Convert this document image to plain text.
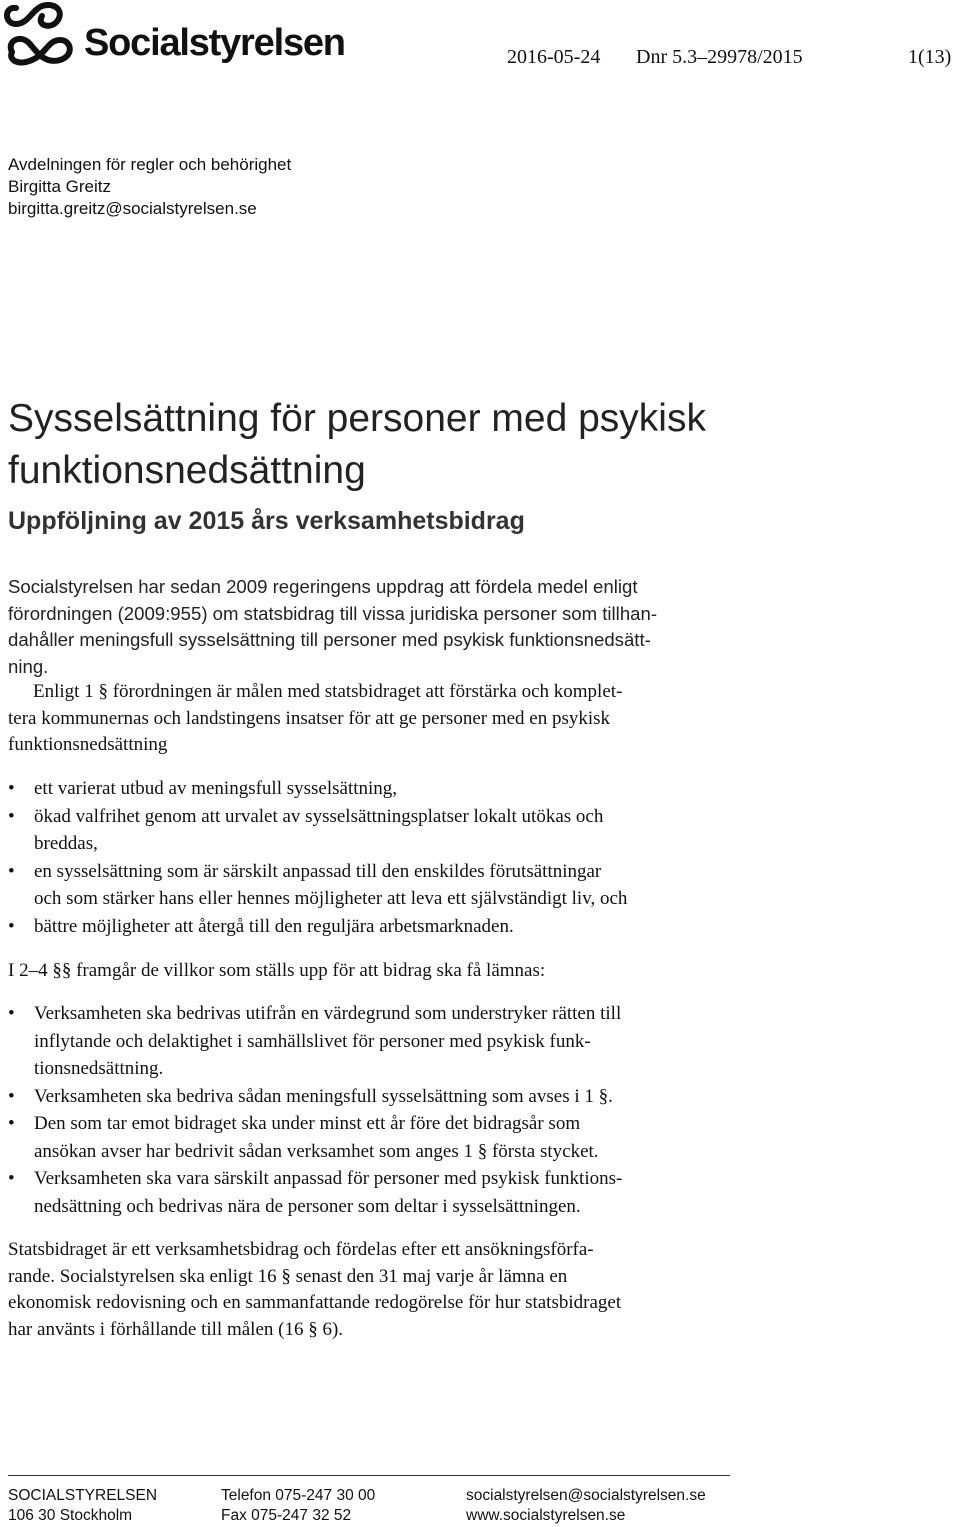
Socialstyrelsen	2016-05-24 Dnr 5.3–29978/2015	1(13)
Avdelningen för regler och behörighet
Birgitta Greitz
birgitta.greitz@socialstyrelsen.se
Sysselsättning för personer med psykisk
funktionsnedsättning
Uppföljning av 2015 års verksamhetsbidrag
Socialstyrelsen har sedan 2009 regeringens uppdrag att fördela medel enligt
förordningen (2009:955) om statsbidrag till vissa juridiska personer som tillhan-
dahåller meningsfull sysselsättning till personer med psykisk funktionsnedsätt-
ning.
Enligt 1 § förordningen är målen med statsbidraget att förstärka och komplet-
tera kommunernas och landstingens insatser för att ge personer med en psykisk
funktionsnedsättning
• ett varierat utbud av meningsfull sysselsättning,
• ökad valfrihet genom att urvalet av sysselsättningsplatser lokalt utökas och
breddas,
• en sysselsättning som är särskilt anpassad till den enskildes förutsättningar
och som stärker hans eller hennes möjligheter att leva ett självständigt liv, och
• bättre möjligheter att återgå till den reguljära arbetsmarknaden.
I 2–4 §§ framgår de villkor som ställs upp för att bidrag ska få lämnas:
• Verksamheten ska bedrivas utifrån en värdegrund som understryker rätten till
inflytande och delaktighet i samhällslivet för personer med psykisk funk-
tionsnedsättning.
• Verksamheten ska bedriva sådan meningsfull sysselsättning som avses i 1 §.
• Den som tar emot bidraget ska under minst ett år före det bidragsår som
ansökan avser har bedrivit sådan verksamhet som anges 1 § första stycket.
• Verksamheten ska vara särskilt anpassad för personer med psykisk funktions-
nedsättning och bedrivas nära de personer som deltar i sysselsättningen.
Statsbidraget är ett verksamhetsbidrag och fördelas efter ett ansökningsförfa-
rande. Socialstyrelsen ska enligt 16 § senast den 31 maj varje år lämna en
ekonomisk redovisning och en sammanfattande redogörelse för hur statsbidraget
har använts i förhållande till målen (16 § 6).
SOCIALSTYRELSEN
106 30 Stockholm
Telefon 075-247 30 00
Fax 075-247 32 52
socialstyrelsen@socialstyrelsen.se
www.socialstyrelsen.se
